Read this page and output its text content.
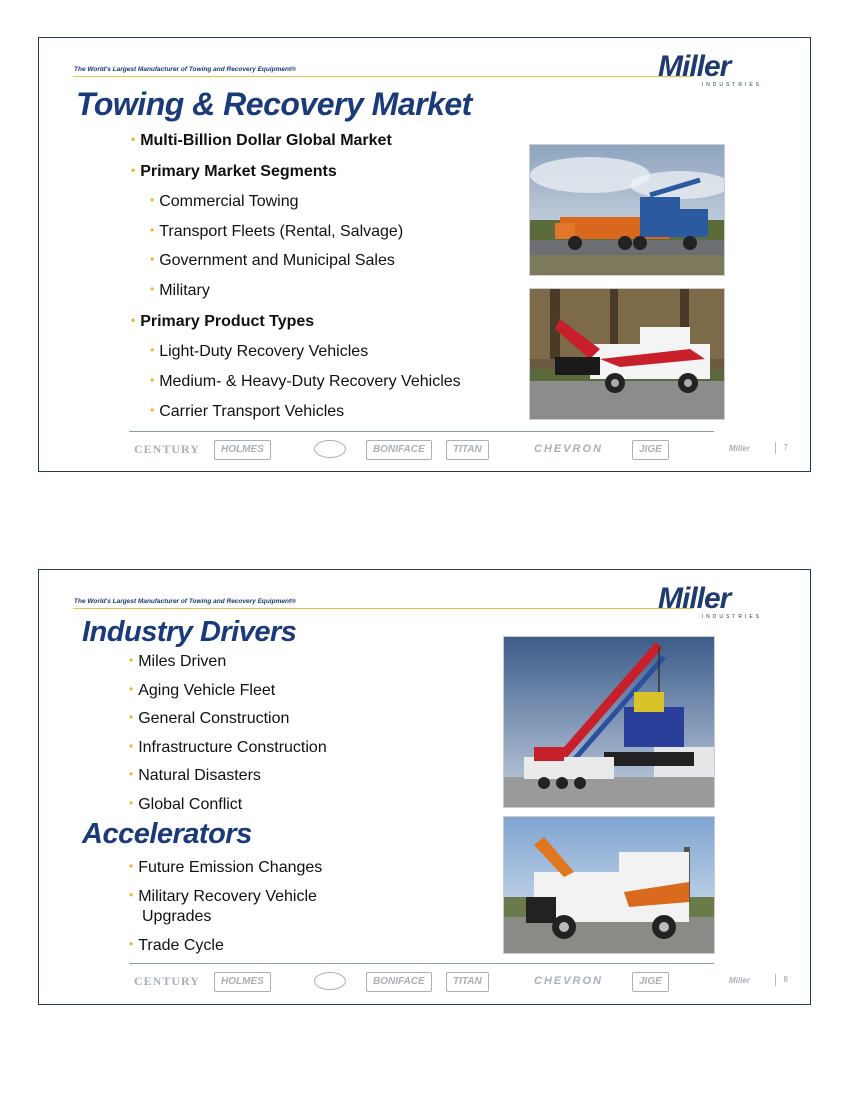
The World's Largest Manufacturer of Towing and Recovery Equipment®	Miller
INDUSTRIES
Towing & Recovery Market
• Multi-Billion Dollar Global Market
• Primary Market Segments
• Commercial Towing
• Transport Fleets (Rental, Salvage)
• Government and Municipal Sales
• Military
• Primary Product Types
• Light-Duty Recovery Vehicles
• Medium- & Heavy-Duty Recovery Vehicles
• Carrier Transport Vehicles
CENTURY	HOLMES	BONIFACE	TITAN	CHEVRON	JIGE	Miller	7
The World's Largest Manufacturer of Towing and Recovery Equipment®	Miller
INDUSTRIES
Industry Drivers
• Miles Driven
• Aging Vehicle Fleet
• General Construction
• Infrastructure Construction
• Natural Disasters
• Global Conflict
Accelerators
• Future Emission Changes
• Military Recovery Vehicle
Upgrades
• Trade Cycle
CENTURY	HOLMES	BONIFACE	TITAN	CHEVRON	JIGE	Miller	8
